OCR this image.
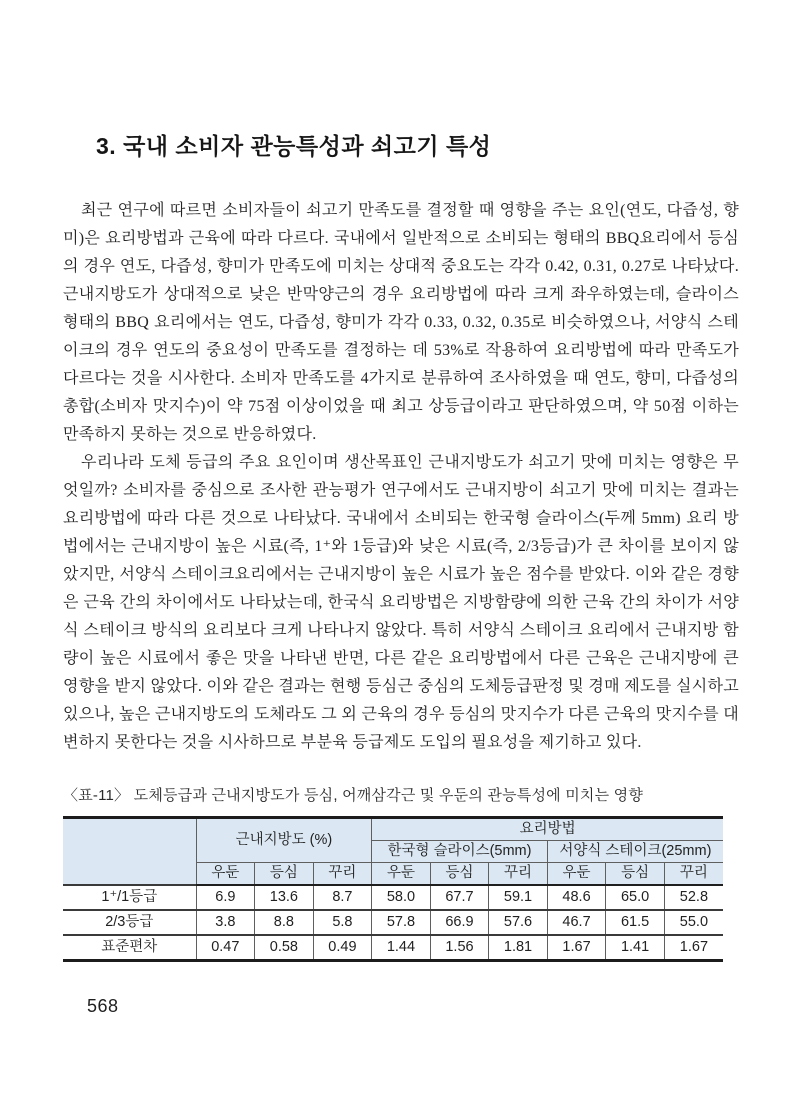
3. 국내 소비자 관능특성과 쇠고기 특성

최근 연구에 따르면 소비자들이 쇠고기 만족도를 결정할 때 영향을 주는 요인(연도, 다즙성, 향미)은 요리방법과 근육에 따라 다르다. 국내에서 일반적으로 소비되는 형태의 BBQ요리에서 등심의 경우 연도, 다즙성, 향미가 만족도에 미치는 상대적 중요도는 각각 0.42, 0.31, 0.27로 나타났다. 근내지방도가 상대적으로 낮은 반막양근의 경우 요리방법에 따라 크게 좌우하였는데, 슬라이스 형태의 BBQ 요리에서는 연도, 다즙성, 향미가 각각 0.33, 0.32, 0.35로 비슷하였으나, 서양식 스테이크의 경우 연도의 중요성이 만족도를 결정하는 데 53%로 작용하여 요리방법에 따라 만족도가 다르다는 것을 시사한다. 소비자 만족도를 4가지로 분류하여 조사하였을 때 연도, 향미, 다즙성의 총합(소비자 맛지수)이 약 75점 이상이었을 때 최고 상등급이라고 판단하였으며, 약 50점 이하는 만족하지 못하는 것으로 반응하였다.

우리나라 도체 등급의 주요 요인이며 생산목표인 근내지방도가 쇠고기 맛에 미치는 영향은 무엇일까? 소비자를 중심으로 조사한 관능평가 연구에서도 근내지방이 쇠고기 맛에 미치는 결과는 요리방법에 따라 다른 것으로 나타났다. 국내에서 소비되는 한국형 슬라이스(두께 5mm) 요리 방법에서는 근내지방이 높은 시료(즉, 1⁺와 1등급)와 낮은 시료(즉, 2/3등급)가 큰 차이를 보이지 않았지만, 서양식 스테이크요리에서는 근내지방이 높은 시료가 높은 점수를 받았다. 이와 같은 경향은 근육 간의 차이에서도 나타났는데, 한국식 요리방법은 지방함량에 의한 근육 간의 차이가 서양식 스테이크 방식의 요리보다 크게 나타나지 않았다. 특히 서양식 스테이크 요리에서 근내지방 함량이 높은 시료에서 좋은 맛을 나타낸 반면, 다른 같은 요리방법에서 다른 근육은 근내지방에 큰 영향을 받지 않았다. 이와 같은 결과는 현행 등심근 중심의 도체등급판정 및 경매 제도를 실시하고 있으나, 높은 근내지방도의 도체라도 그 외 근육의 경우 등심의 맛지수가 다른 근육의 맛지수를 대변하지 못한다는 것을 시사하므로 부분육 등급제도 도입의 필요성을 제기하고 있다.

〈표-11〉 도체등급과 근내지방도가 등심, 어깨삼각근 및 우둔의 관능특성에 미치는 영향
	근내지방도 (%)			요리방법					
				한국형 슬라이스(5mm)			서양식 스테이크(25mm)		
	우둔	등심	꾸리	우둔	등심	꾸리	우둔	등심	꾸리
1⁺/1등급	6.9	13.6	8.7	58.0	67.7	59.1	48.6	65.0	52.8
2/3등급	3.8	8.8	5.8	57.8	66.9	57.6	46.7	61.5	55.0
표준편차	0.47	0.58	0.49	1.44	1.56	1.81	1.67	1.41	1.67
568
